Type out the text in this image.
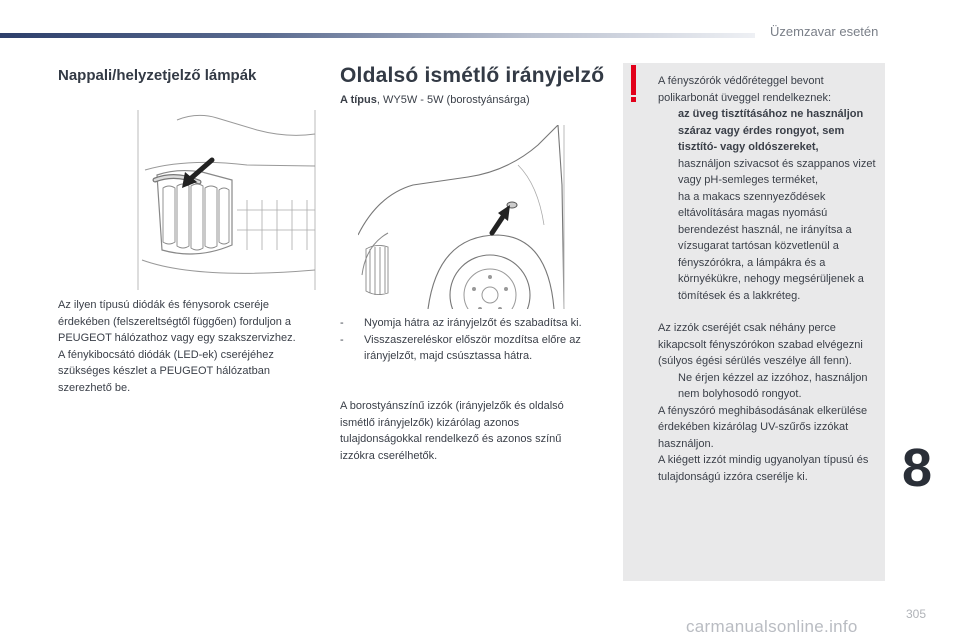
Üzemzavar esetén
Nappali/helyzetjelző lámpák
Az ilyen típusú diódák és fénysorok cseréje érdekében (felszereltségtől függően) forduljon a PEUGEOT hálózathoz vagy egy szakszervizhez.
A fénykibocsátó diódák (LED-ek) cseréjéhez szükséges készlet a PEUGEOT hálózatban szerezhető be.
Oldalsó ismétlő irányjelző
A típus, WY5W - 5W (borostyánsárga)
- Nyomja hátra az irányjelzőt és szabadítsa ki.
- Visszaszereléskor először mozdítsa előre az irányjelzőt, majd csúsztassa hátra.
A borostyánszínű izzók (irányjelzők és oldalsó ismétlő irányjelzők) kizárólag azonos tulajdonságokkal rendelkező és azonos színű izzókra cserélhetők.
A fényszórók védőréteggel bevont polikarbonát üveggel rendelkeznek:
az üveg tisztításához ne használjon száraz vagy érdes rongyot, sem tisztító- vagy oldószereket,
használjon szivacsot és szappanos vizet vagy pH-semleges terméket,
ha a makacs szennyeződések eltávolítására magas nyomású berendezést használ, ne irányítsa a vízsugarat tartósan közvetlenül a fényszórókra, a lámpákra és a környékükre, nehogy megsérüljenek a tömítések és a lakkréteg.
Az izzók cseréjét csak néhány perce kikapcsolt fényszórókon szabad elvégezni (súlyos égési sérülés veszélye áll fenn).
Ne érjen kézzel az izzóhoz, használjon nem bolyhosodó rongyot.
A fényszóró meghibásodásának elkerülése érdekében kizárólag UV-szűrős izzókat használjon.
A kiégett izzót mindig ugyanolyan típusú és tulajdonságú izzóra cserélje ki.	8
305
carmanualsonline.info
